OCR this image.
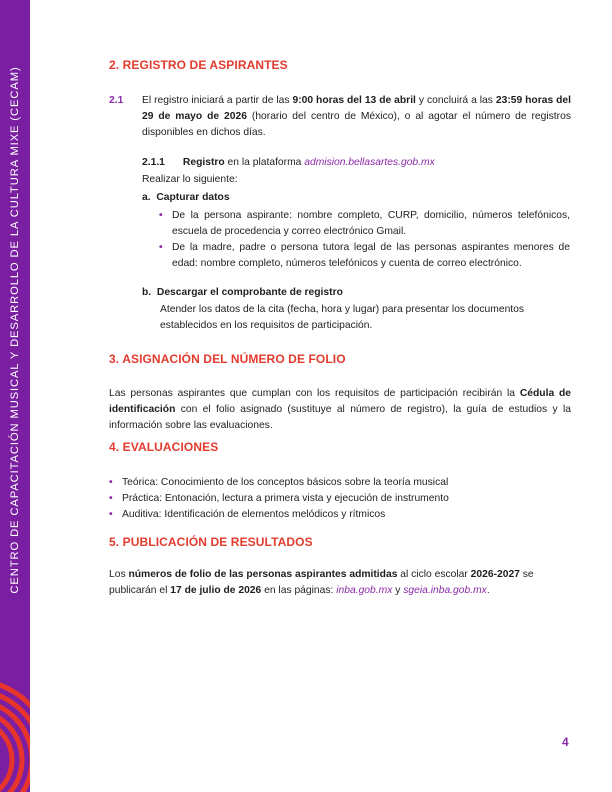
CENTRO DE CAPACITACIÓN MUSICAL Y DESARROLLO DE LA CULTURA MIXE (CECAM)
2. REGISTRO DE ASPIRANTES
2.1 El registro iniciará a partir de las 9:00 horas del 13 de abril y concluirá a las 23:59 horas del 29 de mayo de 2026 (horario del centro de México), o al agotar el número de registros disponibles en dichos días.

2.1.1 Registro en la plataforma admision.bellasartes.gob.mx

Realizar lo siguiente:

a. Capturar datos

• De la persona aspirante: nombre completo, CURP, domicilio, números telefónicos, escuela de procedencia y correo electrónico Gmail.
• De la madre, padre o persona tutora legal de las personas aspirantes menores de edad: nombre completo, números telefónicos y cuenta de correo electrónico.

b. Descargar el comprobante de registro

Atender los datos de la cita (fecha, hora y lugar) para presentar los documentos establecidos en los requisitos de participación.

3. ASIGNACIÓN DEL NÚMERO DE FOLIO

Las personas aspirantes que cumplan con los requisitos de participación recibirán la Cédula de identificación con el folio asignado (sustituye al número de registro), la guía de estudios y la información sobre las evaluaciones.

4. EVALUACIONES
• Teórica: Conocimiento de los conceptos básicos sobre la teoría musical
• Práctica: Entonación, lectura a primera vista y ejecución de instrumento
• Auditiva: Identificación de elementos melódicos y rítmicos
5. PUBLICACIÓN DE RESULTADOS

Los números de folio de las personas aspirantes admitidas al ciclo escolar 2026-2027 se publicarán el 17 de julio de 2026 en las páginas: inba.gob.mx y sgeia.inba.gob.mx.

4
